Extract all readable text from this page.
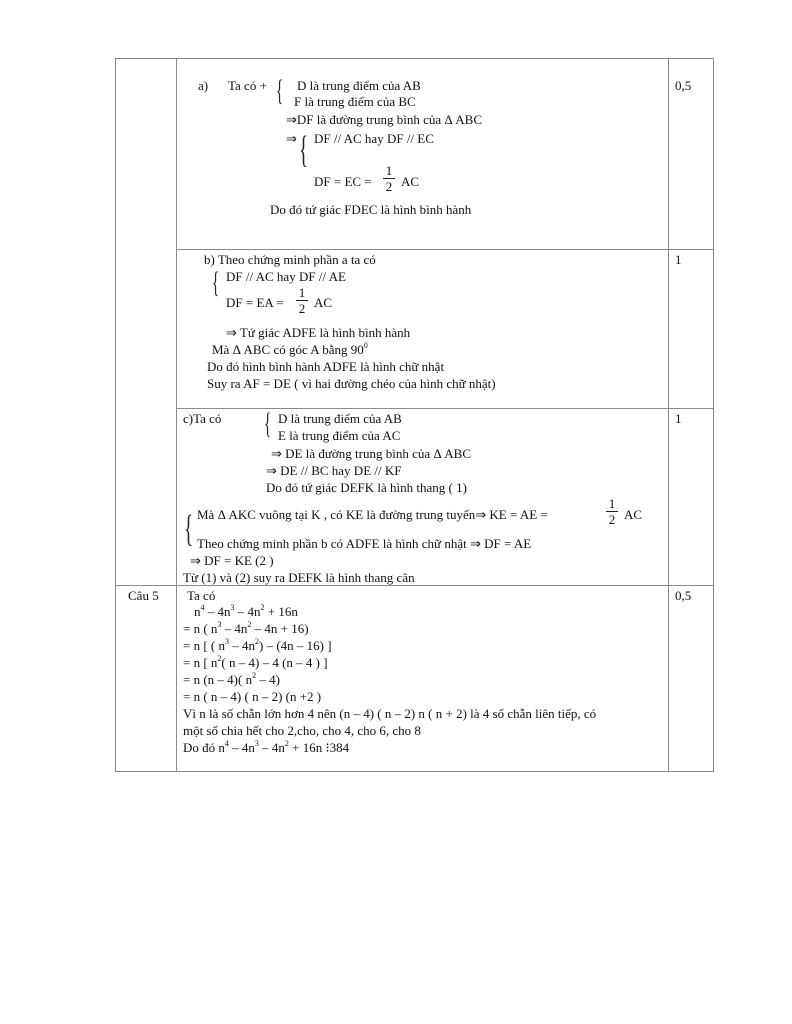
a) Ta có + { D là trung điểm của AB
F là trung điểm của BC
⇒DF là đường trung bình của Δ ABC
⇒ { DF // AC hay DF // EC
DF = EC =
1
2 AC
Do đó tứ giác FDEC là hình bình hành
0,5
b) Theo chứng minh phần a ta có
{ DF // AC hay DF // AE
DF = EA =
1
2 AC
⇒ Tứ giác ADFE là hình bình hành
Mà Δ ABC có góc A bằng $90^0$
Do đó hình bình hành ADFE là hình chữ nhật
Suy ra AF = DE ( vì hai đường chéo của hình chữ nhật)
1
c)Ta có { D là trung điểm của AB
E là trung điểm của AC
⇒ DE là đường trung bình của Δ ABC
⇒ DE // BC hay DE // KF
Do đó tứ giác DEFK là hình thang ( 1)
{ Mà Δ AKC vuông tại K , có KE là đường trung tuyến⇒ KE = AE =
1
2 AC
Theo chứng minh phần b có ADFE là hình chữ nhật ⇒ DF = AE
⇒ DF = KE (2 )
Từ (1) và (2) suy ra DEFK là hình thang cân
1
Câu 5	0,5
Ta có
$n^4 - 4n^3 - 4n^2 + 16n$
= n ( $n^3 - 4n^2 - 4n + 16$)
= n [ ( $n^3 - 4n^2) - (4n - 16)$ ]
= n [ $n^2$( n – 4) – 4 (n – 4 ) ]
= n (n – 4)( $n^2 - 4$)
= n ( n – 4) ( n – 2) (n +2 )
Vì n là số chẵn lớn hơn 4 nên (n – 4) ( n – 2) n ( n + 2) là 4 số chẵn liên tiếp, có
một số chia hết cho 2,cho, cho 4, cho 6, cho 8
Do đó $n^4 - 4n^3 - 4n^2 + 16n$ ⁝384
